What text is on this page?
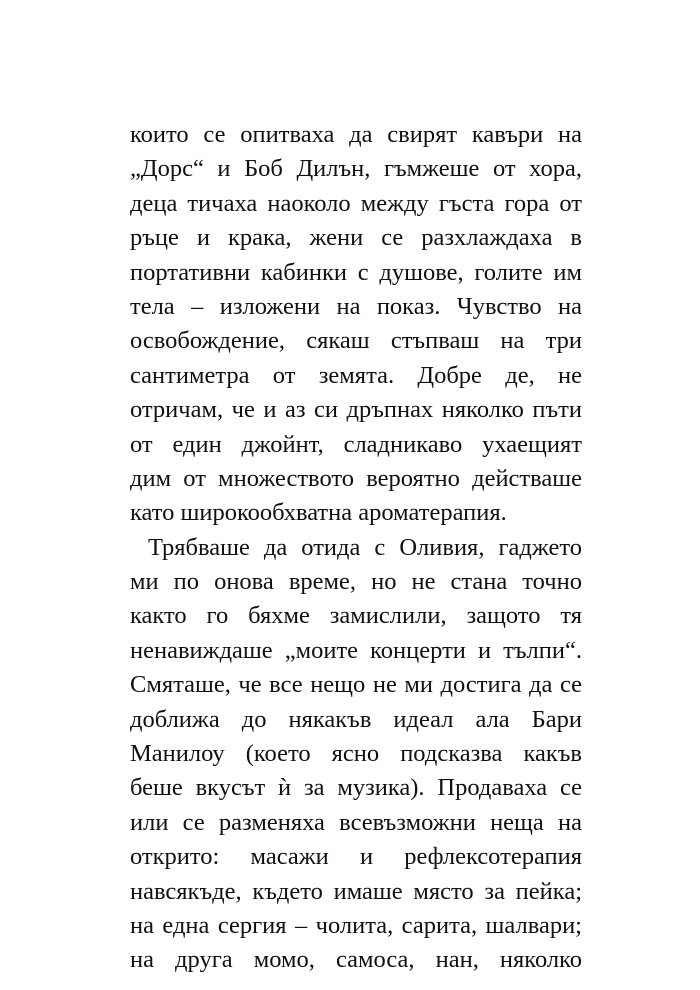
които се опитваха да свирят кавъри на
„Дорс“ и Боб Дилън, гъмжеше от хора,
деца тичаха наоколо между гъста гора от
ръце и крака, жени се разхлаждаха в
портативни кабинки с душове, голите им
тела – изложени на показ. Чувство на
освобождение, сякаш стъпваш на три
сантиметра от земята. Добре де, не
отричам, че и аз си дръпнах няколко пъти
от един джойнт, сладникаво ухаещият
дим от множеството вероятно действаше
като широкообхватна ароматерапия.
Трябваше да отида с Оливия, гаджето
ми по онова време, но не стана точно
както го бяхме замислили, защото тя
ненавиждаше „моите концерти и тълпи“.
Смяташе, че все нещо не ми достига да се
доближа до някакъв идеал ала Бари
Манилоу (което ясно подсказва какъв
беше вкусът ѝ за музика). Продаваха се
или се разменяха всевъзможни неща на
открито: масажи и рефлексотерапия
навсякъде, където имаше място за пейка;
на една сергия – чолита, сарита, шалвари;
на друга момо, самоса, нан, няколко
